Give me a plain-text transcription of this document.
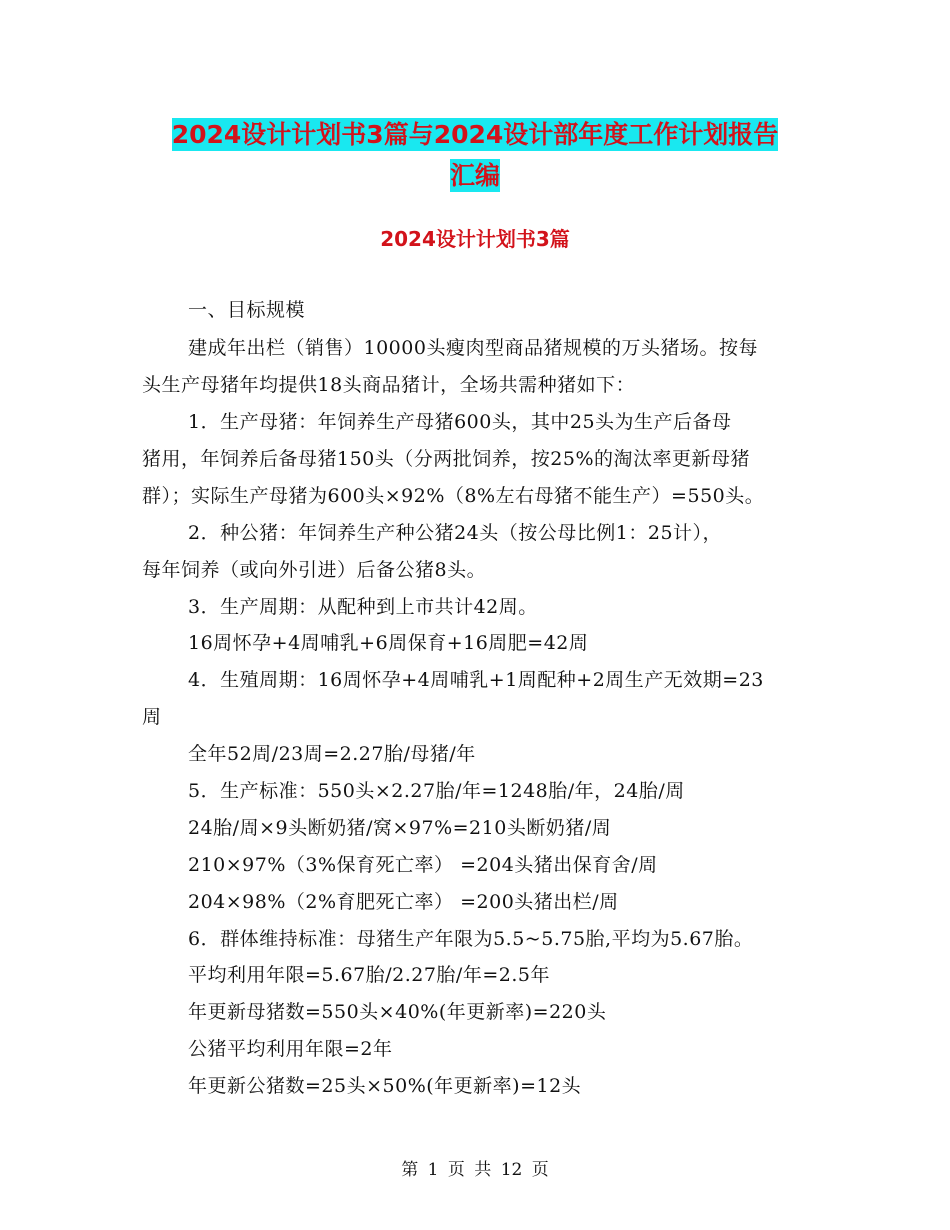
2024设计计划书3篇与2024设计部年度工作计划报告
汇编
2024设计计划书3篇
一、目标规模
建成年出栏（销售）10000头瘦肉型商品猪规模的万头猪场。按每
头生产母猪年均提供18头商品猪计，全场共需种猪如下：
1．生产母猪：年饲养生产母猪600头，其中25头为生产后备母
猪用，年饲养后备母猪150头（分两批饲养，按25%的淘汰率更新母猪
群）；实际生产母猪为600头×92%（8%左右母猪不能生产）=550头。
2．种公猪：年饲养生产种公猪24头（按公母比例1：25计），
每年饲养（或向外引进）后备公猪8头。
3．生产周期：从配种到上市共计42周。
16周怀孕+4周哺乳+6周保育+16周肥=42周
4．生殖周期：16周怀孕+4周哺乳+1周配种+2周生产无效期=23
周
全年52周/23周=2.27胎/母猪/年
5．生产标准：550头×2.27胎/年=1248胎/年，24胎/周
24胎/周×9头断奶猪/窝×97%=210头断奶猪/周
210×97%（3%保育死亡率） =204头猪出保育舍/周
204×98%（2%育肥死亡率） =200头猪出栏/周
6．群体维持标准：母猪生产年限为5.5~5.75胎,平均为5.67胎。
平均利用年限=5.67胎/2.27胎/年=2.5年
年更新母猪数=550头×40%(年更新率)=220头
公猪平均利用年限=2年
年更新公猪数=25头×50%(年更新率)=12头
第 1 页 共 12 页
